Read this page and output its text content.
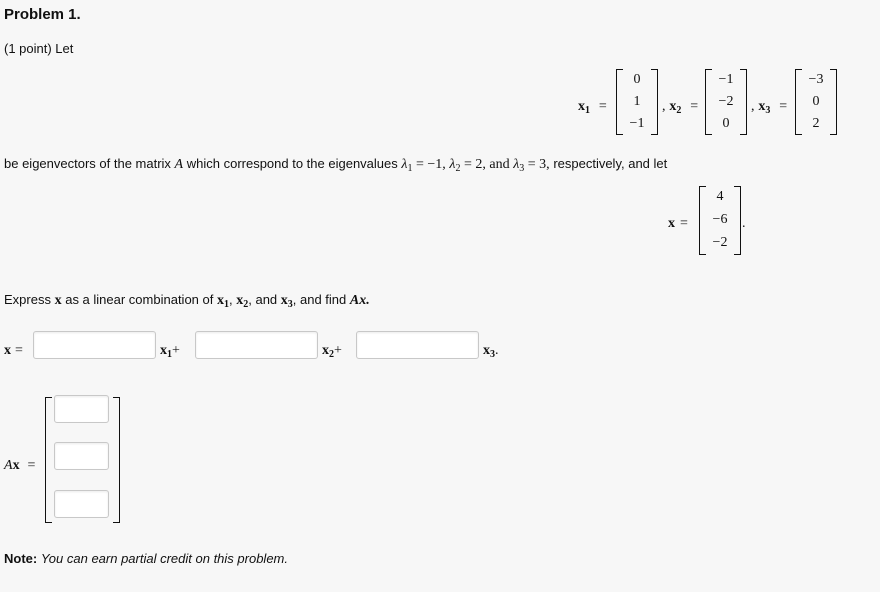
Problem 1.
(1 point) Let
$x_1$ =
0
1
−1
, $x_2$ =
−1
−2
0
, $x_3$ =
−3
0
2
be eigenvectors of the matrix A which correspond to the eigenvalues $\lambda_1 = -1$, $\lambda_2 = 2$, and $\lambda_3 = 3$, respectively, and let
x =
4
−6
−2
.
Express x as a linear combination of $x_1$, $x_2$, and $x_3$, and find Ax.
x =	$x_1+$	$x_2+$	$x_3$.
Ax =
Note: You can earn partial credit on this problem.
